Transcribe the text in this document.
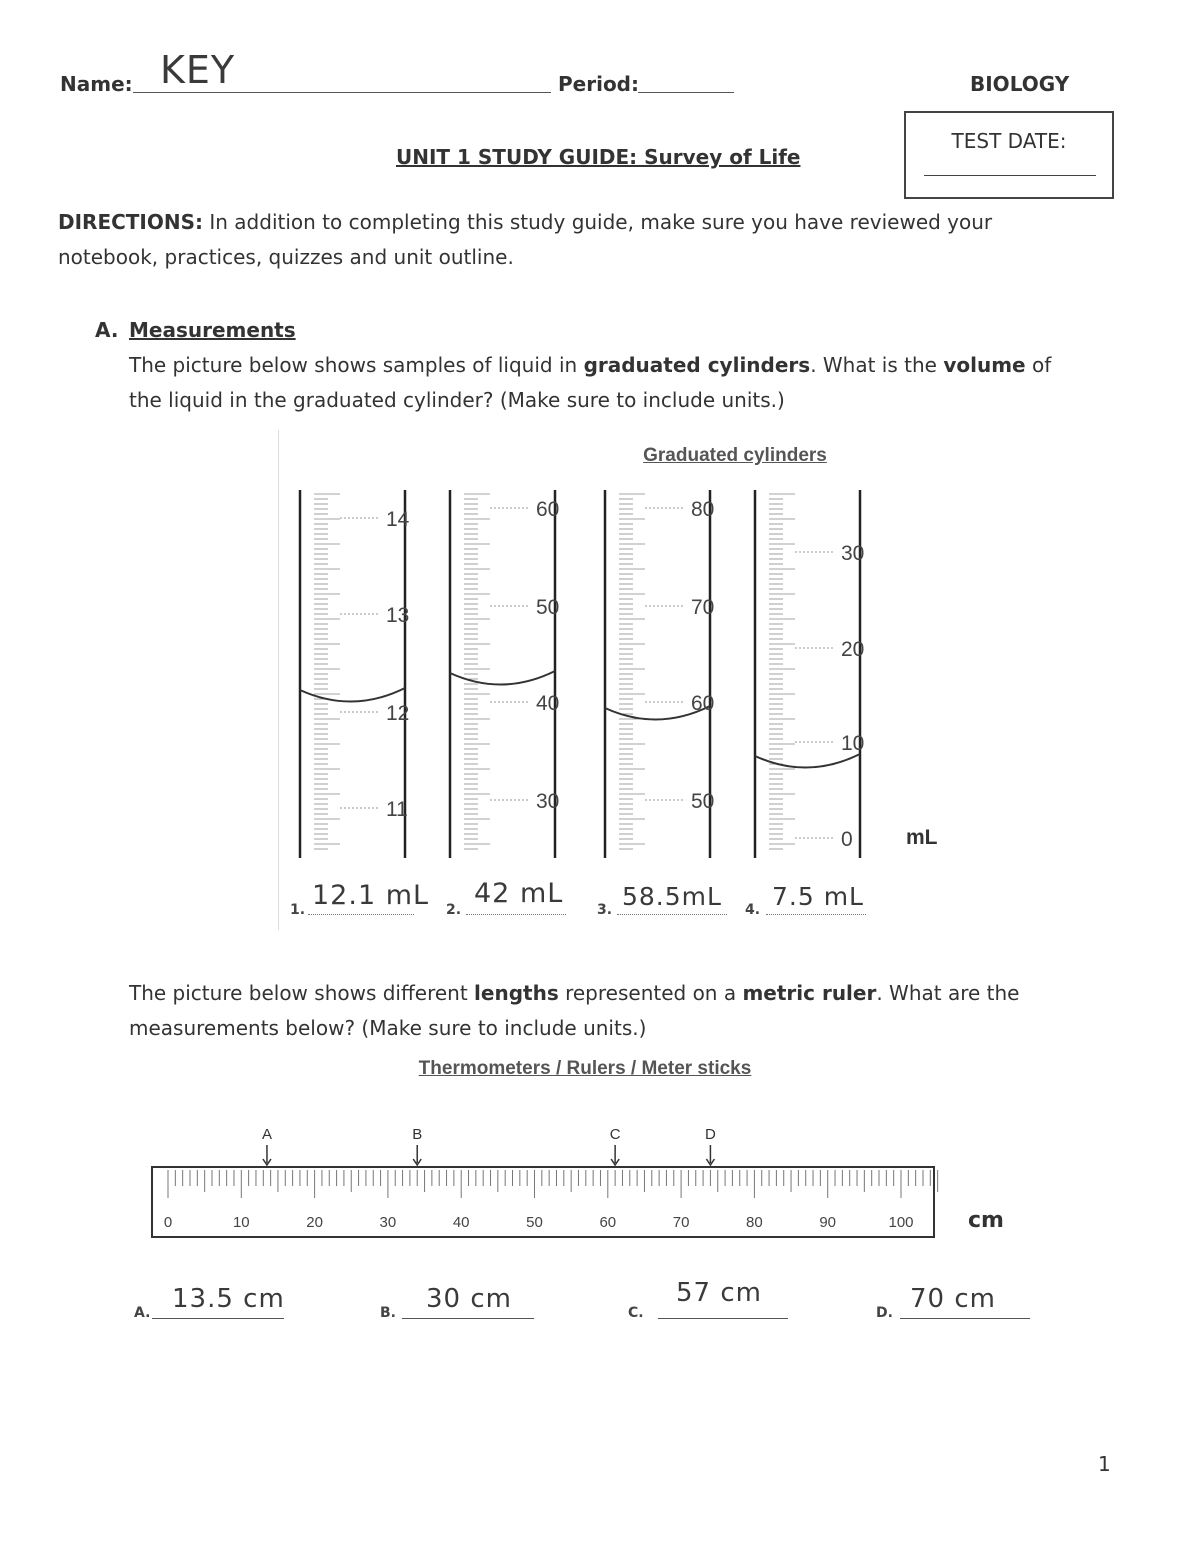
Name: KEY	Period:	BIOLOGY
TEST DATE:
UNIT 1 STUDY GUIDE: Survey of Life
DIRECTIONS: In addition to completing this study guide, make sure you have reviewed your notebook, practices, quizzes and unit outline.
A. Measurements
The picture below shows samples of liquid in graduated cylinders. What is the volume of the liquid in the graduated cylinder? (Make sure to include units.)
Graduated cylinders
14
13
12
11
60
50
40
30
80
70
60
50
30
20
10
0	mL
1. 12.1 mL 2.
42 mL
3. 58.5mL 4. 7.5 mL
The picture below shows different lengths represented on a metric ruler. What are the measurements below? (Make sure to include units.)
Thermometers / Rulers / Meter sticks
0	10	20	30	40	50	60	70	80	90	100
A	B	C	D
cm
A. 13.5 cm	B. 30 cm	C.
57 cm
D. 70 cm
1
